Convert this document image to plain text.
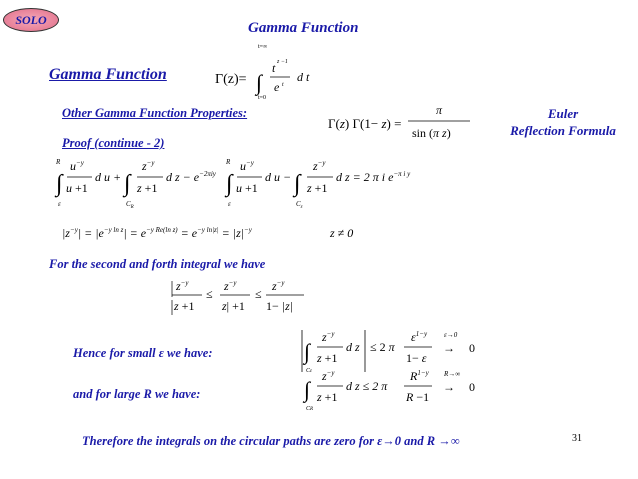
SOLO	Gamma Function
Gamma Function
Other Gamma Function Properties:
Proof (continue - 2)
Euler
Reflection Formula
For the second and forth integral we have
Hence for small ε we have:
and for large R we have:
Therefore the integrals on the circular paths are zero for ε→0 and R →∞	31
Γ(z)=
t=∞
∫
t=0
z −1
t
e t
d t
Γ(z) Γ(1− z) =
π
sin (π z)
R
∫
ε
$u^{-y}$
u +1
d u + ∫
$C_R$
$z^{-y}$
z +1
d $z - e^{-2\pi iy}$
R
∫
ε
$u^{-y}$
u +1
d u − ∫
$C_\varepsilon$
$z^{-y}$
z +1
d z = 2 π i $e^{-\pi i y}$
$|z^{-y}| = |e^{-y ln z}| = e^{-y Re(ln z)} = e^{-y ln|z|} = |z|^{-y}$	z ≠ 0
$z^{-y}$
z +1
≤
$z^{-y}$
z| +1
≤
$z^{-y}$
1− |z|
∫
Cε
$z^{-y}$
z +1
d z ≤ 2 π
$\varepsilon^{1-y}$
1− ε
ε→0
→ 0
∫
CR
$z^{-y}$
z +1
d z ≤ 2 π
$R^{1-y}$
R −1
R→∞
→ 0
